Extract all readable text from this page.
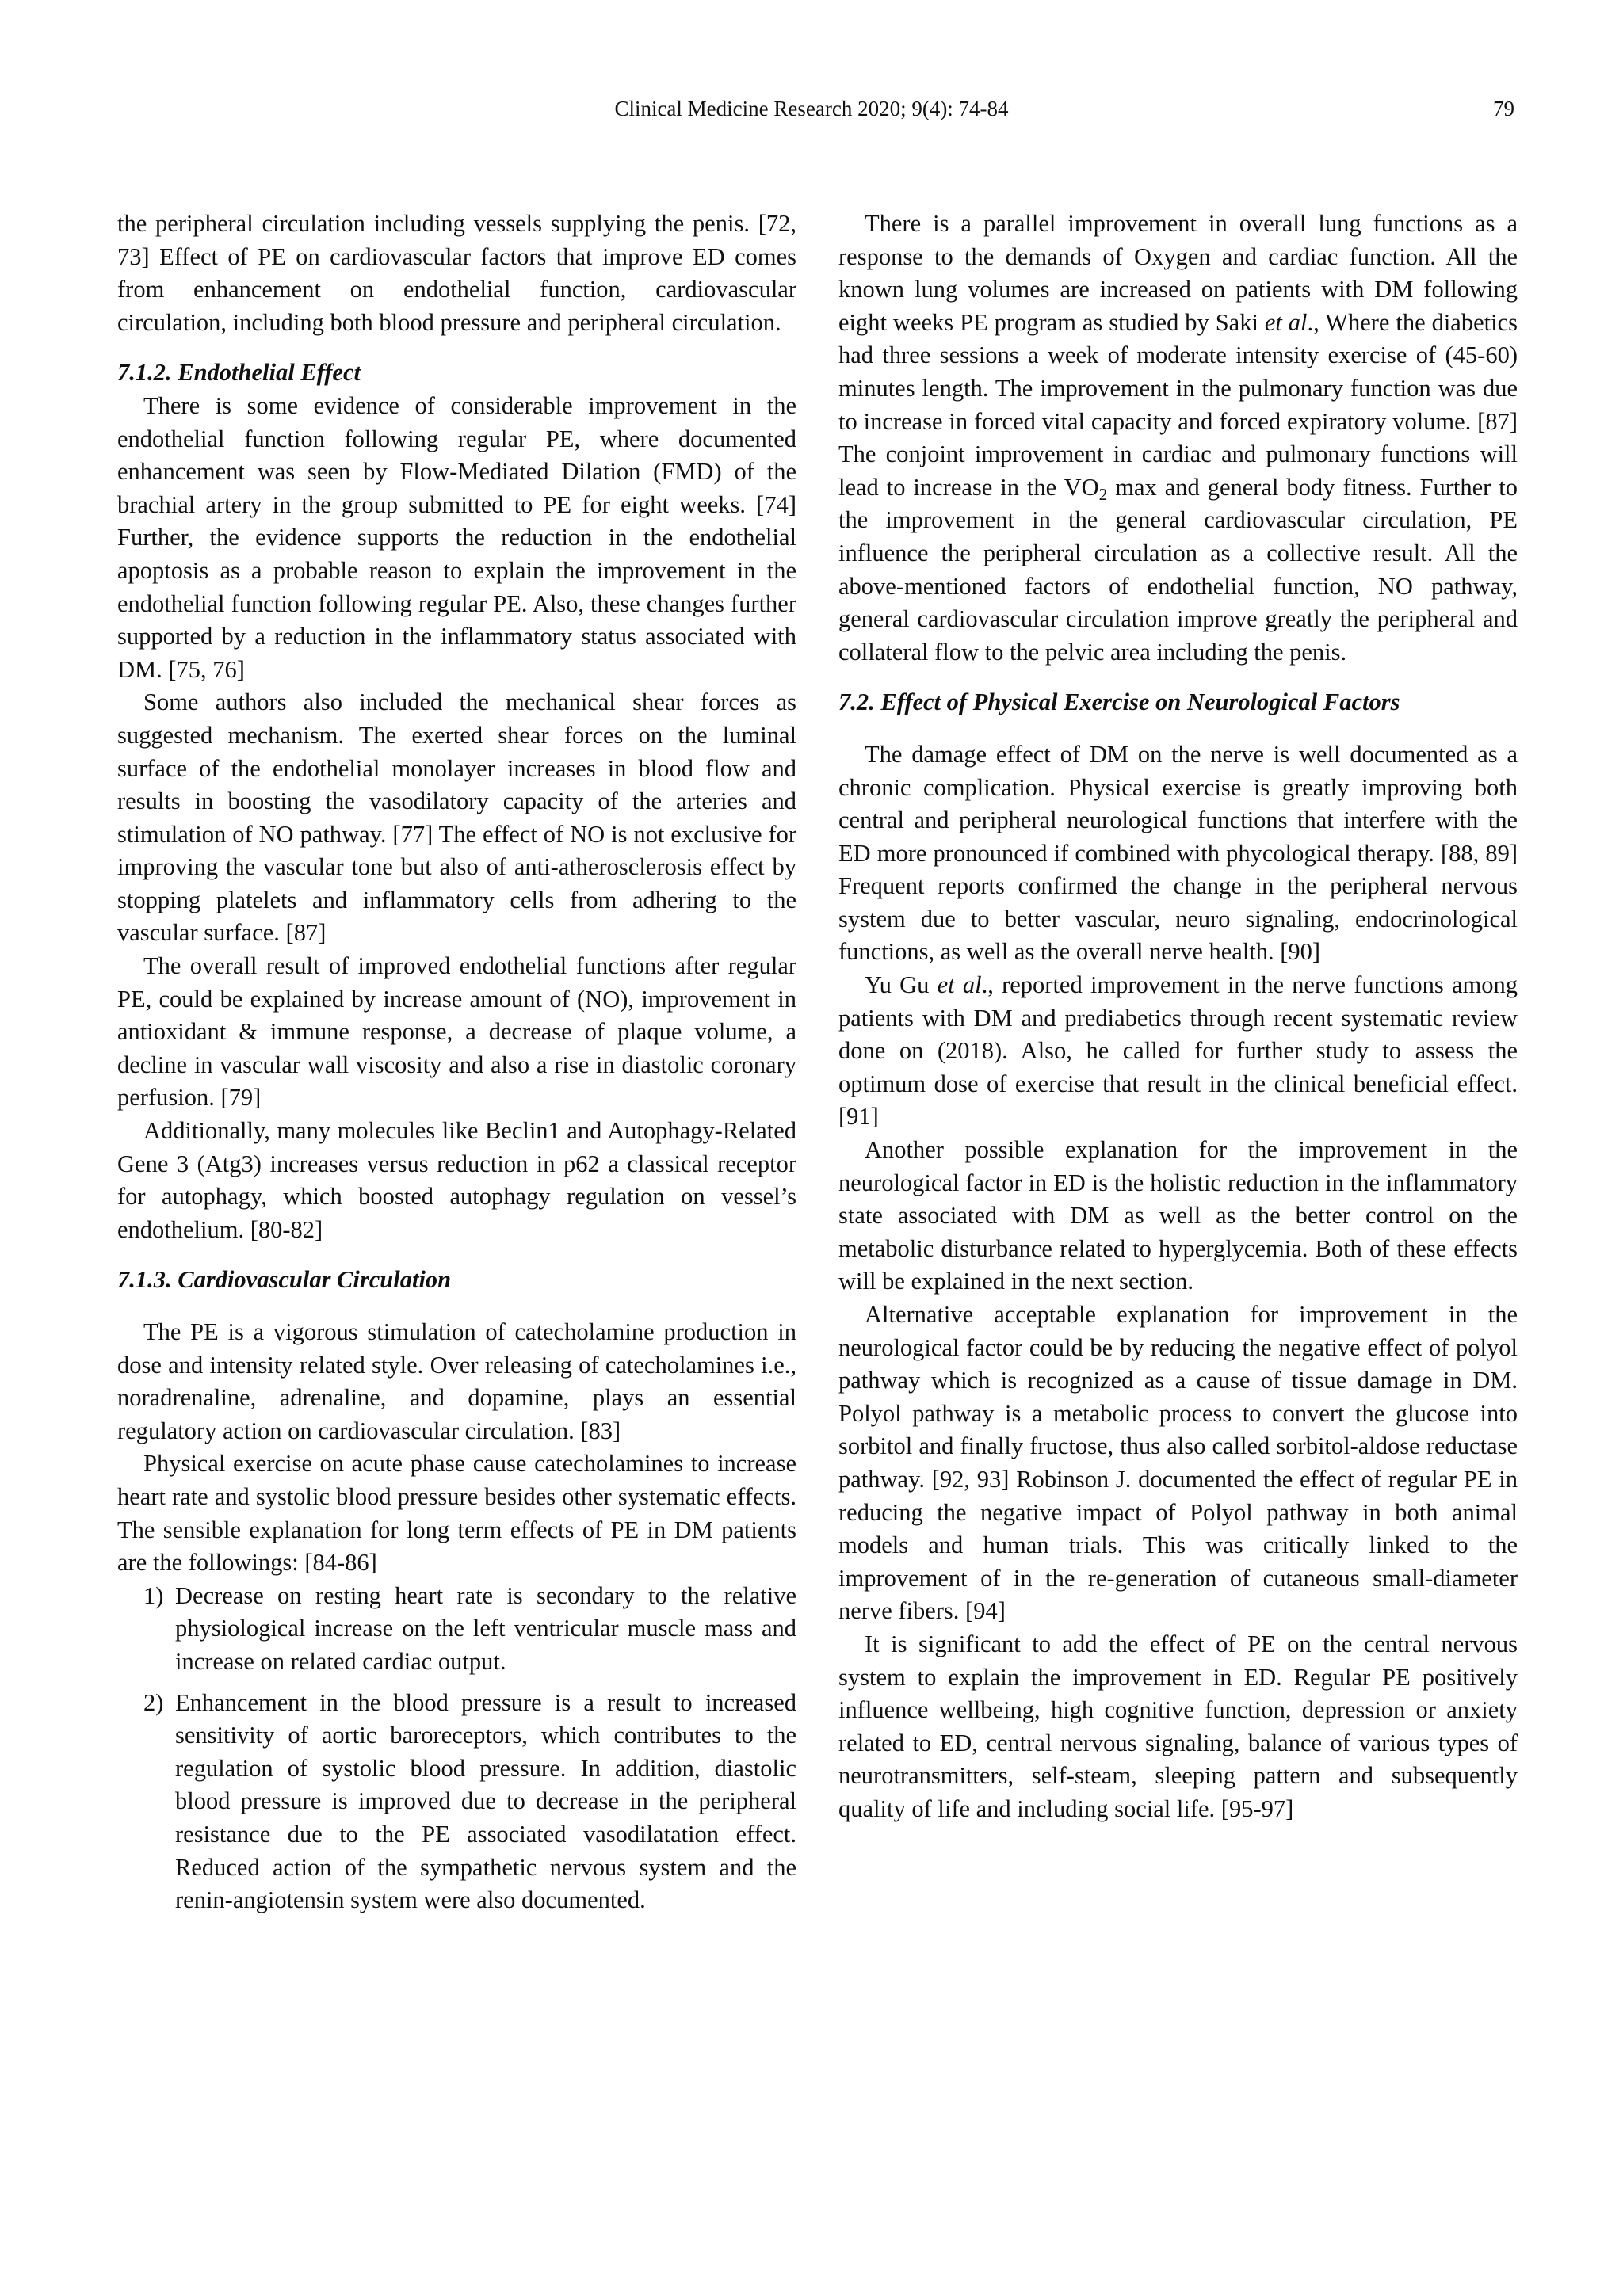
Clinical Medicine Research 2020; 9(4): 74-84	79

the peripheral circulation including vessels supplying the penis. [72, 73] Effect of PE on cardiovascular factors that improve ED comes from enhancement on endothelial function, cardiovascular circulation, including both blood pressure and peripheral circulation.

7.1.2. Endothelial Effect

There is some evidence of considerable improvement in the endothelial function following regular PE, where documented enhancement was seen by Flow-Mediated Dilation (FMD) of the brachial artery in the group submitted to PE for eight weeks. [74] Further, the evidence supports the reduction in the endothelial apoptosis as a probable reason to explain the improvement in the endothelial function following regular PE. Also, these changes further supported by a reduction in the inflammatory status associated with DM. [75, 76]

Some authors also included the mechanical shear forces as suggested mechanism. The exerted shear forces on the luminal surface of the endothelial monolayer increases in blood flow and results in boosting the vasodilatory capacity of the arteries and stimulation of NO pathway. [77] The effect of NO is not exclusive for improving the vascular tone but also of anti-atherosclerosis effect by stopping platelets and inflammatory cells from adhering to the vascular surface. [87]

The overall result of improved endothelial functions after regular PE, could be explained by increase amount of (NO), improvement in antioxidant & immune response, a decrease of plaque volume, a decline in vascular wall viscosity and also a rise in diastolic coronary perfusion. [79]

Additionally, many molecules like Beclin1 and Autophagy-Related Gene 3 (Atg3) increases versus reduction in p62 a classical receptor for autophagy, which boosted autophagy regulation on vessel’s endothelium. [80-82]

7.1.3. Cardiovascular Circulation

The PE is a vigorous stimulation of catecholamine production in dose and intensity related style. Over releasing of catecholamines i.e., noradrenaline, adrenaline, and dopamine, plays an essential regulatory action on cardiovascular circulation. [83]

Physical exercise on acute phase cause catecholamines to increase heart rate and systolic blood pressure besides other systematic effects. The sensible explanation for long term effects of PE in DM patients are the followings: [84-86]

1) Decrease on resting heart rate is secondary to the relative physiological increase on the left ventricular muscle mass and increase on related cardiac output.
2) Enhancement in the blood pressure is a result to increased sensitivity of aortic baroreceptors, which contributes to the regulation of systolic blood pressure. In addition, diastolic blood pressure is improved due to decrease in the peripheral resistance due to the PE associated vasodilatation effect. Reduced action of the sympathetic nervous system and the renin-angiotensin system were also documented.

There is a parallel improvement in overall lung functions as a response to the demands of Oxygen and cardiac function. All the known lung volumes are increased on patients with DM following eight weeks PE program as studied by Saki et al., Where the diabetics had three sessions a week of moderate intensity exercise of (45-60) minutes length. The improvement in the pulmonary function was due to increase in forced vital capacity and forced expiratory volume. [87] The conjoint improvement in cardiac and pulmonary functions will lead to increase in the $VO_2$ max and general body fitness. Further to the improvement in the general cardiovascular circulation, PE influence the peripheral circulation as a collective result. All the above-mentioned factors of endothelial function, NO pathway, general cardiovascular circulation improve greatly the peripheral and collateral flow to the pelvic area including the penis.

7.2. Effect of Physical Exercise on Neurological Factors

The damage effect of DM on the nerve is well documented as a chronic complication. Physical exercise is greatly improving both central and peripheral neurological functions that interfere with the ED more pronounced if combined with phycological therapy. [88, 89] Frequent reports confirmed the change in the peripheral nervous system due to better vascular, neuro signaling, endocrinological functions, as well as the overall nerve health. [90]

Yu Gu et al., reported improvement in the nerve functions among patients with DM and prediabetics through recent systematic review done on (2018). Also, he called for further study to assess the optimum dose of exercise that result in the clinical beneficial effect. [91]

Another possible explanation for the improvement in the neurological factor in ED is the holistic reduction in the inflammatory state associated with DM as well as the better control on the metabolic disturbance related to hyperglycemia. Both of these effects will be explained in the next section.

Alternative acceptable explanation for improvement in the neurological factor could be by reducing the negative effect of polyol pathway which is recognized as a cause of tissue damage in DM. Polyol pathway is a metabolic process to convert the glucose into sorbitol and finally fructose, thus also called sorbitol-aldose reductase pathway. [92, 93] Robinson J. documented the effect of regular PE in reducing the negative impact of Polyol pathway in both animal models and human trials. This was critically linked to the improvement of in the re-generation of cutaneous small-diameter nerve fibers. [94]

It is significant to add the effect of PE on the central nervous system to explain the improvement in ED. Regular PE positively influence wellbeing, high cognitive function, depression or anxiety related to ED, central nervous signaling, balance of various types of neurotransmitters, self-steam, sleeping pattern and subsequently quality of life and including social life. [95-97]
